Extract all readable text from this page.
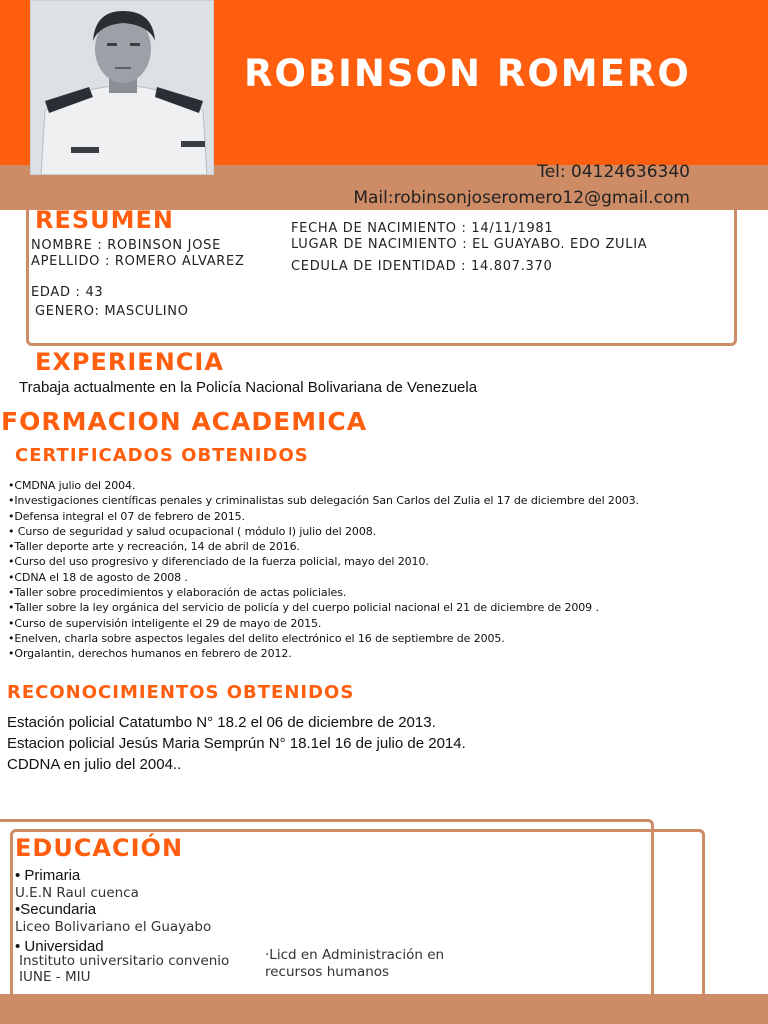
ROBINSON ROMERO
Tel: 04124636340
Mail:robinsonjoseromero12@gmail.com
RESUMEN
NOMBRE : ROBINSON JOSE
APELLIDO : ROMERO ALVAREZ
EDAD : 43
GENERO: MASCULINO
FECHA DE NACIMIENTO : 14/11/1981
LUGAR DE NACIMIENTO : EL GUAYABO. EDO ZULIA
CEDULA DE IDENTIDAD : 14.807.370
EXPERIENCIA
Trabaja actualmente en la Policía Nacional Bolivariana de Venezuela
FORMACION ACADEMICA
CERTIFICADOS OBTENIDOS
•CMDNA julio del 2004.
•Investigaciones científicas penales y criminalistas sub delegación San Carlos del Zulia el 17 de diciembre del 2003.
•Defensa integral el 07 de febrero de 2015.
• Curso de seguridad y salud ocupacional ( módulo I) julio del 2008.
•Taller deporte arte y recreación, 14 de abril de 2016.
•Curso del uso progresivo y diferenciado de la fuerza policial, mayo del 2010.
•CDNA el 18 de agosto de 2008 .
•Taller sobre procedimientos y elaboración de actas policiales.
•Taller sobre la ley orgánica del servicio de policía y del cuerpo policial nacional el 21 de diciembre de 2009 .
•Curso de supervisión inteligente el 29 de mayo de 2015.
•Enelven, charla sobre aspectos legales del delito electrónico el 16 de septiembre de 2005.
•Orgalantin, derechos humanos en febrero de 2012.
RECONOCIMIENTOS OBTENIDOS
Estación policial Catatumbo N° 18.2 el 06 de diciembre de 2013.
Estacion policial Jesús Maria Semprún N° 18.1el 16 de julio de 2014.
CDDNA en julio del 2004..
EDUCACIÓN
• Primaria
U.E.N Raul cuenca
•Secundaria
Liceo Bolivariano el Guayabo
• Universidad
Instituto universitario convenio
IUNE - MIU
·Licd en Administración en
recursos humanos
